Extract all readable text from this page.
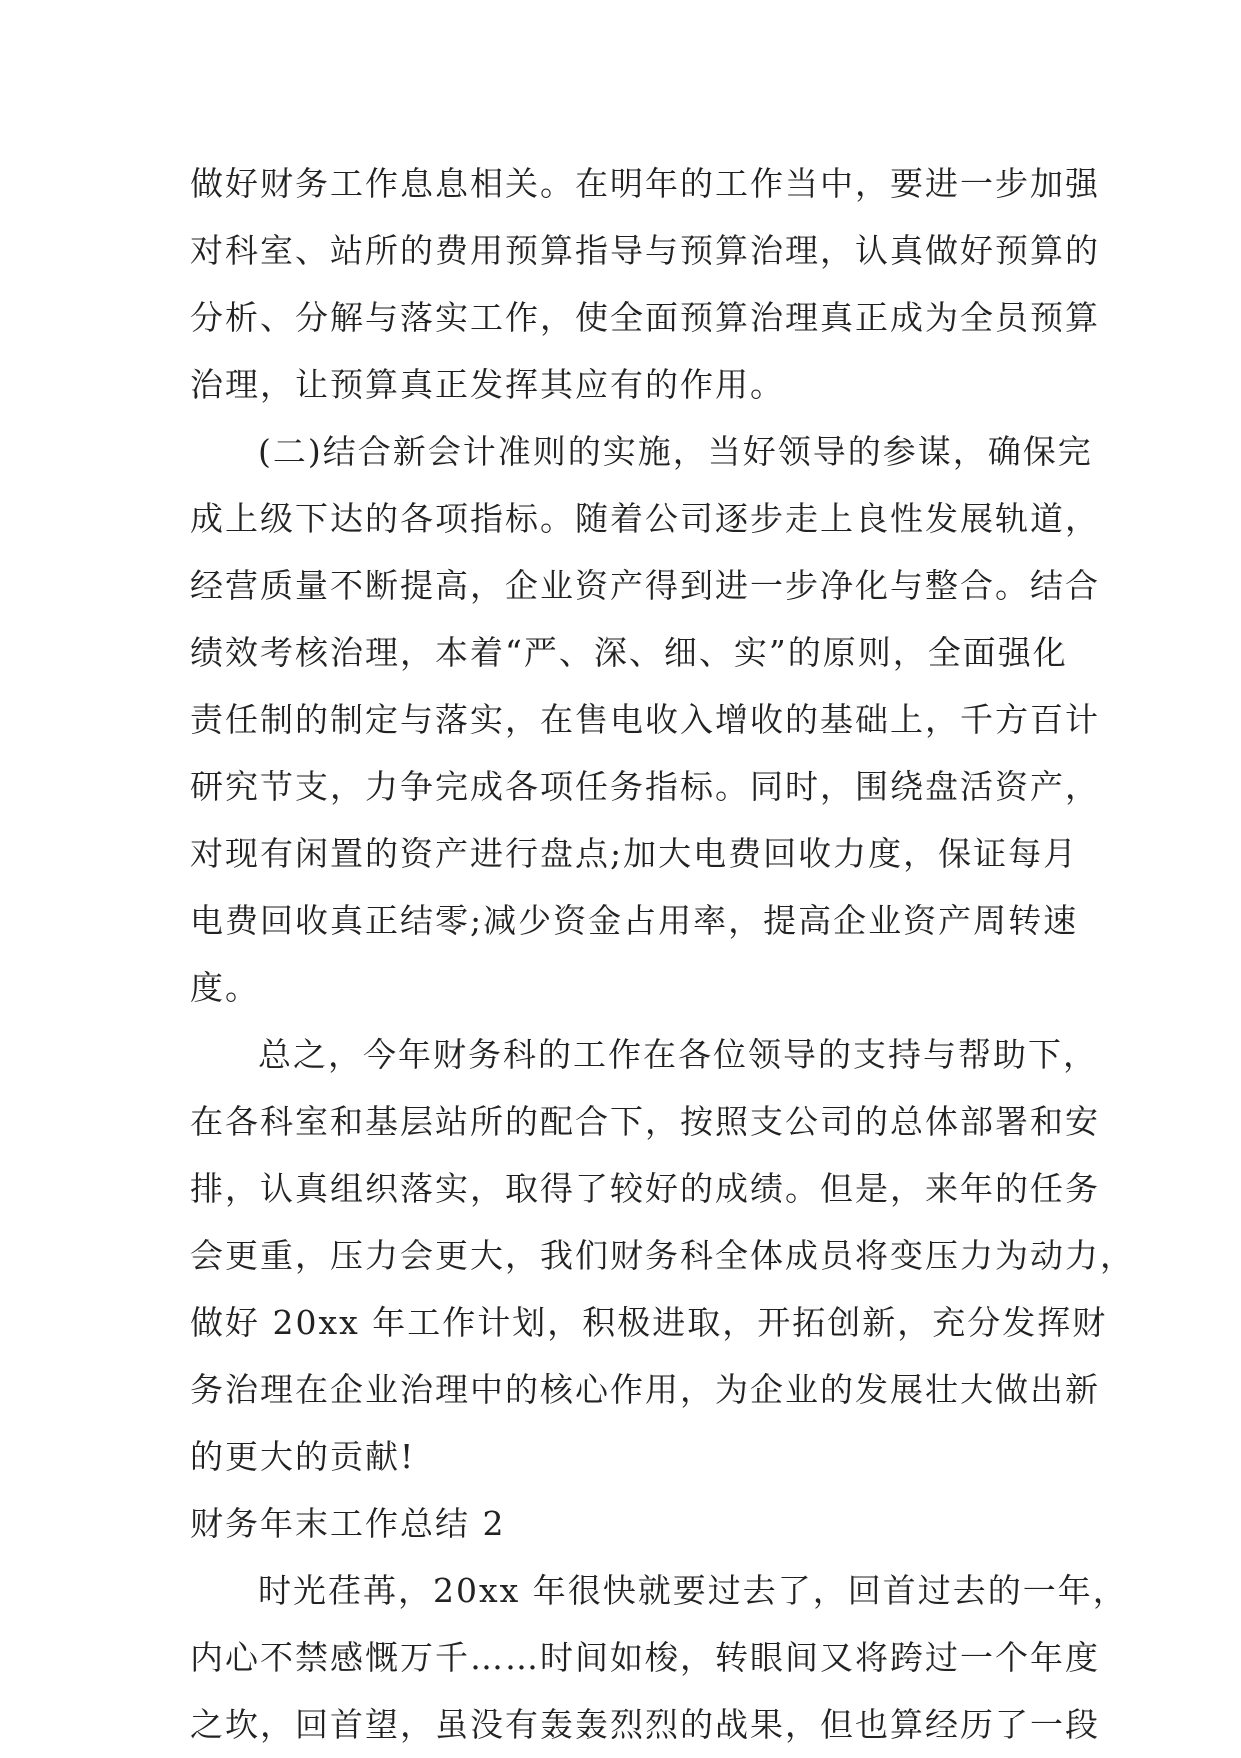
做好财务工作息息相关。在明年的工作当中，要进一步加强
对科室、站所的费用预算指导与预算治理，认真做好预算的
分析、分解与落实工作，使全面预算治理真正成为全员预算
治理，让预算真正发挥其应有的作用。
(二)结合新会计准则的实施，当好领导的参谋，确保完
成上级下达的各项指标。随着公司逐步走上良性发展轨道，
经营质量不断提高，企业资产得到进一步净化与整合。结合
绩效考核治理，本着“严、深、细、实”的原则，全面强化
责任制的制定与落实，在售电收入增收的基础上，千方百计
研究节支，力争完成各项任务指标。同时，围绕盘活资产，
对现有闲置的资产进行盘点;加大电费回收力度，保证每月
电费回收真正结零;减少资金占用率，提高企业资产周转速
度。
总之，今年财务科的工作在各位领导的支持与帮助下，
在各科室和基层站所的配合下，按照支公司的总体部署和安
排，认真组织落实，取得了较好的成绩。但是，来年的任务
会更重，压力会更大，我们财务科全体成员将变压力为动力，
做好 20xx 年工作计划，积极进取，开拓创新，充分发挥财
务治理在企业治理中的核心作用，为企业的发展壮大做出新
的更大的贡献!
财务年末工作总结 2
时光荏苒，20xx 年很快就要过去了，回首过去的一年，
内心不禁感慨万千……时间如梭，转眼间又将跨过一个年度
之坎，回首望，虽没有轰轰烈烈的战果，但也算经历了一段
